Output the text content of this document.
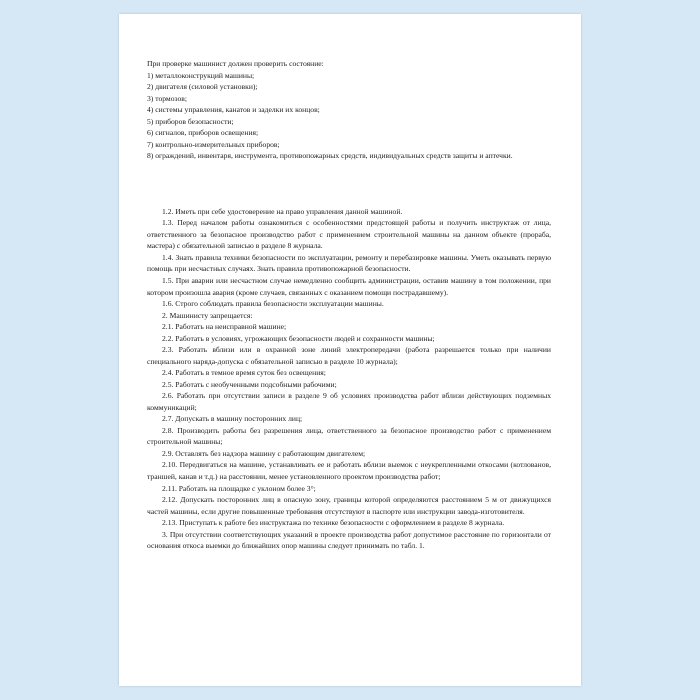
При проверке машинист должен проверить состояние:

1) металлоконструкций машины;

2) двигателя (силовой установки);

3) тормозов;

4) системы управления, канатов и заделки их концов;

5) приборов безопасности;

6) сигналов, приборов освещения;

7) контрольно-измерительных приборов;

8) ограждений, инвентаря, инструмента, противопожарных средств, индивидуальных средств защиты и аптечки.

1.2. Иметь при себе удостоверение на право управления данной машиной.

1.3. Перед началом работы ознакомиться с особенностями предстоящей работы и получить инструктаж от лица, ответственного за безопасное производство работ с применением строительной машины на данном объекте (прораба, мастера) с обязательной записью в разделе 8 журнала.

1.4. Знать правила техники безопасности по эксплуатации, ремонту и перебазировке машины. Уметь оказывать первую помощь при несчастных случаях. Знать правила противопожарной безопасности.

1.5. При аварии или несчастном случае немедленно сообщить администрации, оставив машину в том положении, при котором произошла авария (кроме случаев, связанных с оказанием помощи пострадавшему).

1.6. Строго соблюдать правила безопасности эксплуатации машины.

2. Машинисту запрещается:

2.1. Работать на неисправной машине;

2.2. Работать в условиях, угрожающих безопасности людей и сохранности машины;

2.3. Работать вблизи или в охранной зоне линий электропередачи (работа разрешается только при наличии специального наряда-допуска с обязательной записью в разделе 10 журнала);

2.4. Работать в темное время суток без освещения;

2.5. Работать с необученными подсобными рабочими;

2.6. Работать при отсутствии записи в разделе 9 об условиях производства работ вблизи действующих подземных коммуникаций;

2.7. Допускать в машину посторонних лиц;

2.8. Производить работы без разрешения лица, ответственного за безопасное производство работ с применением строительной машины;

2.9. Оставлять без надзора машину с работающим двигателем;

2.10. Передвигаться на машине, устанавливать ее и работать вблизи выемок с неукрепленными откосами (котлованов, траншей, канав и т.д.) на расстоянии, менее установленного проектом производства работ;

2.11. Работать на площадке с уклоном более 3°;

2.12. Допускать посторонних лиц в опасную зону, границы которой определяются расстоянием 5 м от движущихся частей машины, если другие повышенные требования отсутствуют в паспорте или инструкции завода-изготовителя.

2.13. Приступать к работе без инструктажа по технике безопасности с оформлением в разделе 8 журнала.

3. При отсутствии соответствующих указаний в проекте производства работ допустимое расстояние по горизонтали от основания откоса выемки до ближайших опор машины следует принимать по табл. 1.
